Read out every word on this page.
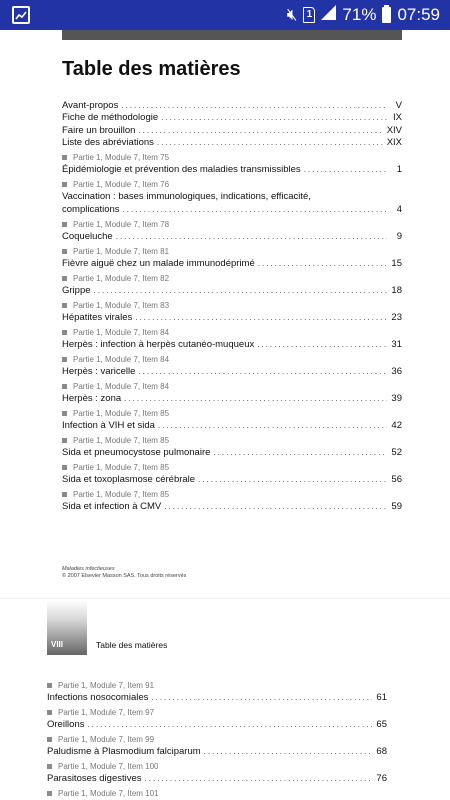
🔇︎ 1 71% 07:59
Table des matières
Avant-propos .....	V
Fiche de méthodologie .....	IX
Faire un brouillon .....	XIV
Liste des abréviations .....	XIX
Partie 1, Module 7, Item 75
Épidémiologie et prévention des maladies transmissibles .....	1
Partie 1, Module 7, Item 76
Vaccination : bases immunologiques, indications, efficacité,
complications .....	4
Partie 1, Module 7, Item 78
Coqueluche .....	9
Partie 1, Module 7, Item 81
Fièvre aiguë chez un malade immunodéprimé .....	15
Partie 1, Module 7, Item 82
Grippe .....	18
Partie 1, Module 7, Item 83
Hépatites virales .....	23
Partie 1, Module 7, Item 84
Herpès : infection à herpès cutanéo-muqueux .....	31
Partie 1, Module 7, Item 84
Herpès : varicelle .....	36
Partie 1, Module 7, Item 84
Herpès : zona .....	39
Partie 1, Module 7, Item 85
Infection à VIH et sida .....	42
Partie 1, Module 7, Item 85
Sida et pneumocystose pulmonaire .....	52
Partie 1, Module 7, Item 85
Sida et toxoplasmose cérébrale .....	56
Partie 1, Module 7, Item 85
Sida et infection à CMV .....	59
Maladies infectieuses
© 2007 Elsevier Masson SAS. Tous droits réservés
VIII	Table des matières
Partie 1, Module 7, Item 91
Infections nosocomiales .....	61
Partie 1, Module 7, Item 97
Oreillons .....	65
Partie 1, Module 7, Item 99
Paludisme à Plasmodium falciparum .....	68
Partie 1, Module 7, Item 100
Parasitoses digestives .....	76
Partie 1, Module 7, Item 101
